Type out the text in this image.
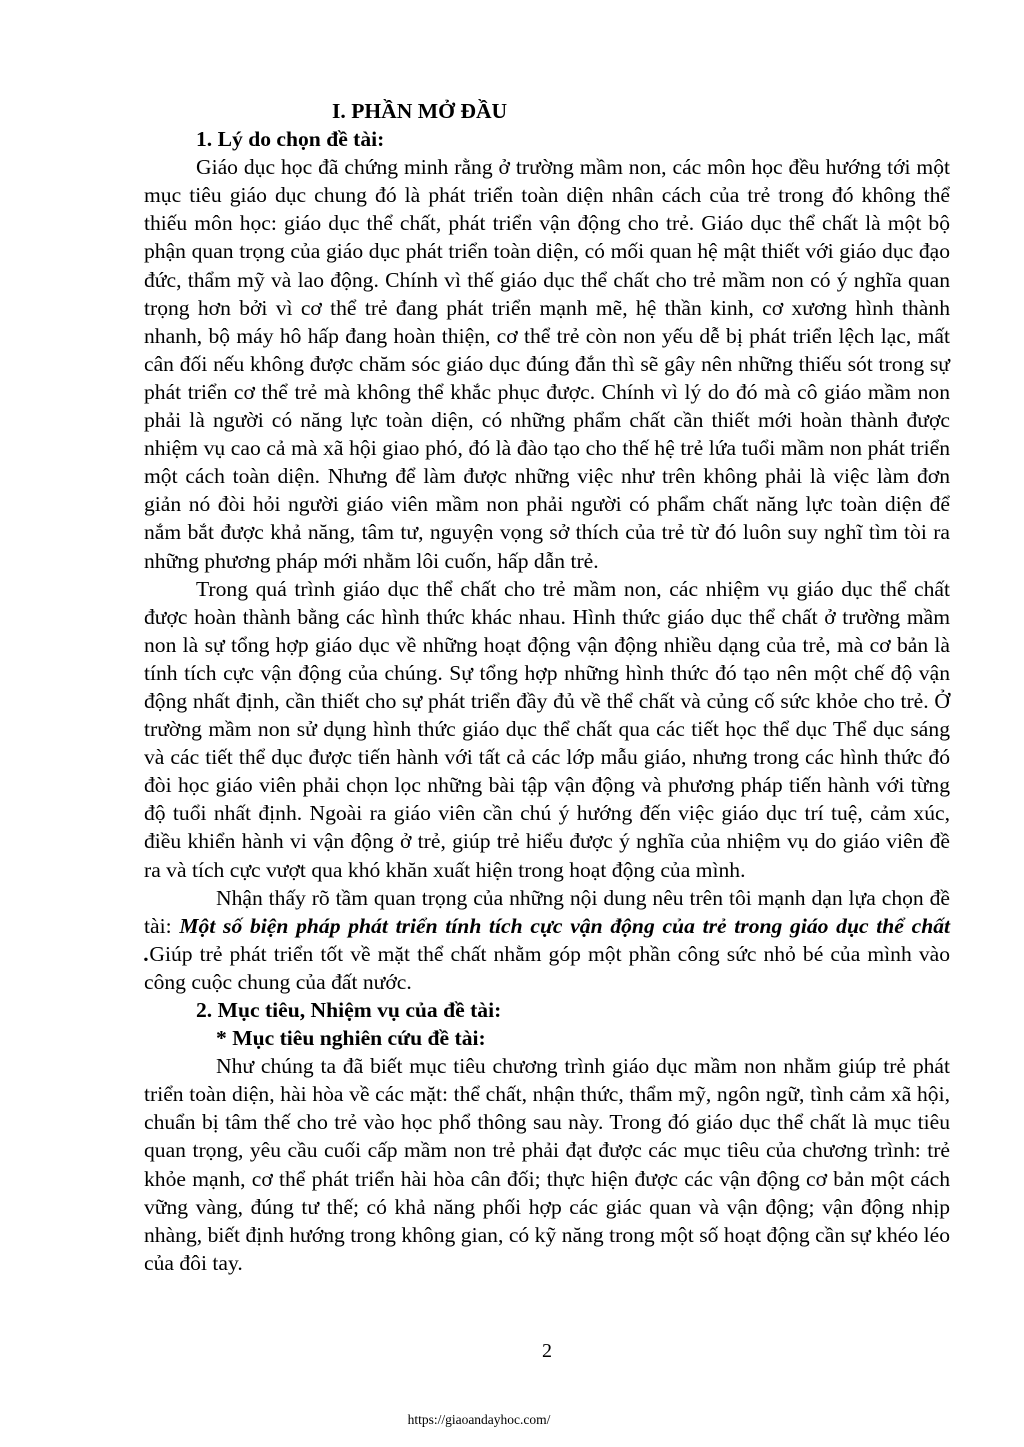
I. PHẦN MỞ ĐẦU

1. Lý do chọn đề tài:

Giáo dục học đã chứng minh rằng ở trường mầm non, các môn học đều hướng tới một mục tiêu giáo dục chung đó là phát triển toàn diện nhân cách của trẻ trong đó không thể thiếu môn học: giáo dục thể chất, phát triển vận động cho trẻ. Giáo dục thể chất là một bộ phận quan trọng của giáo dục phát triển toàn diện, có mối quan hệ mật thiết với giáo dục đạo đức, thẩm mỹ và lao động. Chính vì thế giáo dục thể chất cho trẻ mầm non có ý nghĩa quan trọng hơn bởi vì cơ thể trẻ đang phát triển mạnh mẽ, hệ thần kinh, cơ xương hình thành nhanh, bộ máy hô hấp đang hoàn thiện, cơ thể trẻ còn non yếu dễ bị phát triển lệch lạc, mất cân đối nếu không được chăm sóc giáo dục đúng đắn thì sẽ gây nên những thiếu sót trong sự phát triển cơ thể trẻ mà không thể khắc phục được. Chính vì lý do đó mà cô giáo mầm non phải là người có năng lực toàn diện, có những phẩm chất cần thiết mới hoàn thành được nhiệm vụ cao cả mà xã hội giao phó, đó là đào tạo cho thế hệ trẻ lứa tuổi mầm non phát triển một cách toàn diện. Nhưng để làm được những việc như trên không phải là việc làm đơn giản nó đòi hỏi người giáo viên mầm non phải người có phẩm chất năng lực toàn diện để nắm bắt được khả năng, tâm tư, nguyện vọng sở thích của trẻ từ đó luôn suy nghĩ tìm tòi ra những phương pháp mới nhằm lôi cuốn, hấp dẫn trẻ.

Trong quá trình giáo dục thể chất cho trẻ mầm non, các nhiệm vụ giáo dục thể chất được hoàn thành bằng các hình thức khác nhau. Hình thức giáo dục thể chất ở trường mầm non là sự tổng hợp giáo dục về những hoạt động vận động nhiều dạng của trẻ, mà cơ bản là tính tích cực vận động của chúng. Sự tổng hợp những hình thức đó tạo nên một chế độ vận động nhất định, cần thiết cho sự phát triển đầy đủ về thể chất và củng cố sức khỏe cho trẻ. Ở trường mầm non sử dụng hình thức giáo dục thể chất qua các tiết học thể dục Thể dục sáng và các tiết thể dục được tiến hành với tất cả các lớp mẫu giáo, nhưng trong các hình thức đó đòi học giáo viên phải chọn lọc những bài tập vận động và phương pháp tiến hành với từng độ tuổi nhất định. Ngoài ra giáo viên cần chú ý hướng đến việc giáo dục trí tuệ, cảm xúc, điều khiển hành vi vận động ở trẻ, giúp trẻ hiểu được ý nghĩa của nhiệm vụ do giáo viên đề ra và tích cực vượt qua khó khăn xuất hiện trong hoạt động của mình.

Nhận thấy rõ tầm quan trọng của những nội dung nêu trên tôi mạnh dạn lựa chọn đề tài: Một số biện pháp phát triển tính tích cực vận động của trẻ trong giáo dục thể chất .Giúp trẻ phát triển tốt về mặt thể chất nhằm góp một phần công sức nhỏ bé của mình vào công cuộc chung của đất nước.

2. Mục tiêu, Nhiệm vụ của đề tài:

* Mục tiêu nghiên cứu đề tài:

Như chúng ta đã biết mục tiêu chương trình giáo dục mầm non nhằm giúp trẻ phát triển toàn diện, hài hòa về các mặt: thể chất, nhận thức, thẩm mỹ, ngôn ngữ, tình cảm xã hội, chuẩn bị tâm thế cho trẻ vào học phổ thông sau này. Trong đó giáo dục thể chất là mục tiêu quan trọng, yêu cầu cuối cấp mầm non trẻ phải đạt được các mục tiêu của chương trình: trẻ khỏe mạnh, cơ thể phát triển hài hòa cân đối; thực hiện được các vận động cơ bản một cách vững vàng, đúng tư thế; có khả năng phối hợp các giác quan và vận động; vận động nhịp nhàng, biết định hướng trong không gian, có kỹ năng trong một số hoạt động cần sự khéo léo của đôi tay.

2
https://giaoandayhoc.com/
